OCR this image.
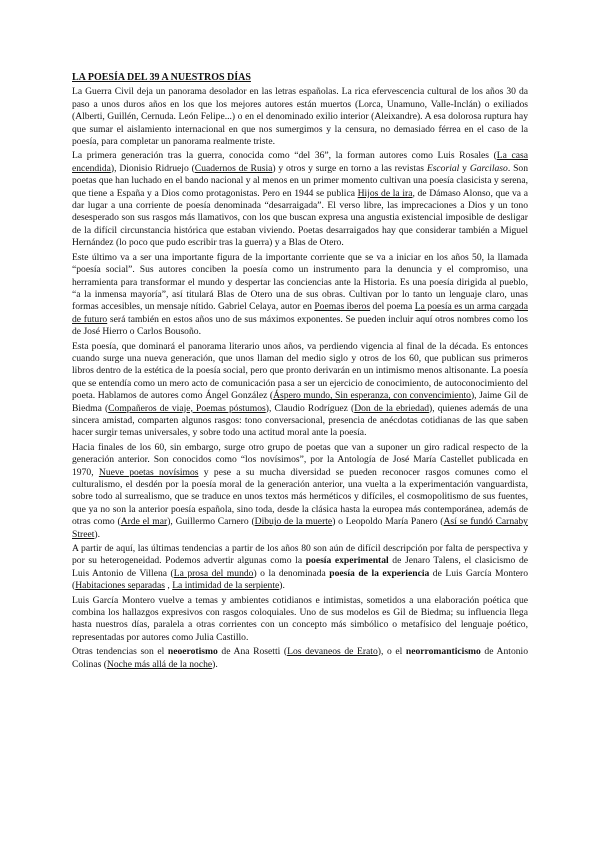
LA POESÍA DEL 39 A NUESTROS DÍAS

La Guerra Civil deja un panorama desolador en las letras españolas. La rica efervescencia cultural de los años 30 da paso a unos duros años en los que los mejores autores están muertos (Lorca, Unamuno, Valle-Inclán) o exiliados (Alberti, Guillén, Cernuda. León Felipe...) o en el denominado exilio interior (Aleixandre). A esa dolorosa ruptura hay que sumar el aislamiento internacional en que nos sumergimos y la censura, no demasiado férrea en el caso de la poesía, para completar un panorama realmente triste.

La primera generación tras la guerra, conocida como “del 36”, la forman autores como Luis Rosales (La casa encendida), Dionisio Ridruejo (Cuadernos de Rusia) y otros y surge en torno a las revistas Escorial y Garcilaso. Son poetas que han luchado en el bando nacional y al menos en un primer momento cultivan una poesía clasicista y serena, que tiene a España y a Dios como protagonistas. Pero en 1944 se publica Hijos de la ira, de Dámaso Alonso, que va a dar lugar a una corriente de poesía denominada “desarraigada”. El verso libre, las imprecaciones a Dios y un tono desesperado son sus rasgos más llamativos, con los que buscan expresa una angustia existencial imposible de desligar de la difícil circunstancia histórica que estaban viviendo. Poetas desarraigados hay que considerar también a Miguel Hernández (lo poco que pudo escribir tras la guerra) y a Blas de Otero.

Este último va a ser una importante figura de la importante corriente que se va a iniciar en los años 50, la llamada “poesía social”. Sus autores conciben la poesía como un instrumento para la denuncia y el compromiso, una herramienta para transformar el mundo y despertar las conciencias ante la Historia. Es una poesía dirigida al pueblo, “a la inmensa mayoría”, así titulará Blas de Otero una de sus obras. Cultivan por lo tanto un lenguaje claro, unas formas accesibles, un mensaje nítido. Gabriel Celaya, autor en Poemas iberos del poema La poesía es un arma cargada de futuro será también en estos años uno de sus máximos exponentes. Se pueden incluir aquí otros nombres como los de José Hierro o Carlos Bousoño.

Esta poesía, que dominará el panorama literario unos años, va perdiendo vigencia al final de la década. Es entonces cuando surge una nueva generación, que unos llaman del medio siglo y otros de los 60, que publican sus primeros libros dentro de la estética de la poesía social, pero que pronto derivarán en un intimismo menos altisonante. La poesía que se entendía como un mero acto de comunicación pasa a ser un ejercicio de conocimiento, de autoconocimiento del poeta. Hablamos de autores como Ángel González (Áspero mundo, Sin esperanza, con convencimiento), Jaime Gil de Biedma (Compañeros de viaje, Poemas póstumos), Claudio Rodríguez (Don de la ebriedad), quienes además de una sincera amistad, comparten algunos rasgos: tono conversacional, presencia de anécdotas cotidianas de las que saben hacer surgir temas universales, y sobre todo una actitud moral ante la poesía.

Hacia finales de los 60, sin embargo, surge otro grupo de poetas que van a suponer un giro radical respecto de la generación anterior. Son conocidos como “los novísimos”, por la Antología de José María Castellet publicada en 1970, Nueve poetas novísimos y pese a su mucha diversidad se pueden reconocer rasgos comunes como el culturalismo, el desdén por la poesía moral de la generación anterior, una vuelta a la experimentación vanguardista, sobre todo al surrealismo, que se traduce en unos textos más herméticos y difíciles, el cosmopolitismo de sus fuentes, que ya no son la anterior poesía española, sino toda, desde la clásica hasta la europea más contemporánea, además de otras como (Arde el mar), Guillermo Carnero (Dibujo de la muerte) o Leopoldo María Panero (Así se fundó Carnaby Street).

A partir de aquí, las últimas tendencias a partir de los años 80 son aún de difícil descripción por falta de perspectiva y por su heterogeneidad. Podemos advertir algunas como la poesía experimental de Jenaro Talens, el clasicismo de Luis Antonio de Villena (La prosa del mundo) o la denominada poesía de la experiencia de Luis García Montero (Habitaciones separadas , La intimidad de la serpiente).

Luis García Montero vuelve a temas y ambientes cotidianos e intimistas, sometidos a una elaboración poética que combina los hallazgos expresivos con rasgos coloquiales. Uno de sus modelos es Gil de Biedma; su influencia llega hasta nuestros días, paralela a otras corrientes con un concepto más simbólico o metafísico del lenguaje poético, representadas por autores como Julia Castillo.

Otras tendencias son el neoerotismo de Ana Rosetti (Los devaneos de Erato), o el neorromanticismo de Antonio Colinas (Noche más allá de la noche).
